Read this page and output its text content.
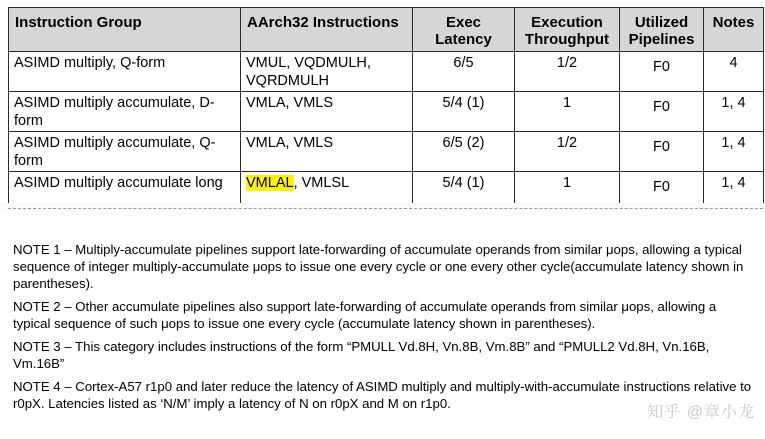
Instruction Group	AArch32 Instructions	Exec Latency	Execution Throughput	Utilized Pipelines	Notes
ASIMD multiply, Q-form	VMUL, VQDMULH, VQRDMULH	6/5	1/2	F0	4
ASIMD multiply accumulate, D-form	VMLA, VMLS	5/4 (1)	1	F0	1, 4
ASIMD multiply accumulate, Q-form	VMLA, VMLS	6/5 (2)	1/2	F0	1, 4
ASIMD multiply accumulate long	VMLAL, VMLSL	5/4 (1)	1	F0	1, 4

NOTE 1 – Multiply-accumulate pipelines support late-forwarding of accumulate operands from similar μops, allowing a typical sequence of integer multiply-accumulate μops to issue one every cycle or one every other cycle(accumulate latency shown in parentheses).

NOTE 2 – Other accumulate pipelines also support late-forwarding of accumulate operands from similar μops, allowing a typical sequence of such μops to issue one every cycle (accumulate latency shown in parentheses).

NOTE 3 – This category includes instructions of the form “PMULL Vd.8H, Vn.8B, Vm.8B” and “PMULL2 Vd.8H, Vn.16B, Vm.16B”

NOTE 4 – Cortex-A57 r1p0 and later reduce the latency of ASIMD multiply and multiply-with-accumulate instructions relative to r0pX. Latencies listed as ‘N/M’ imply a latency of N on r0pX and M on r1p0.

知乎 @章小龙
